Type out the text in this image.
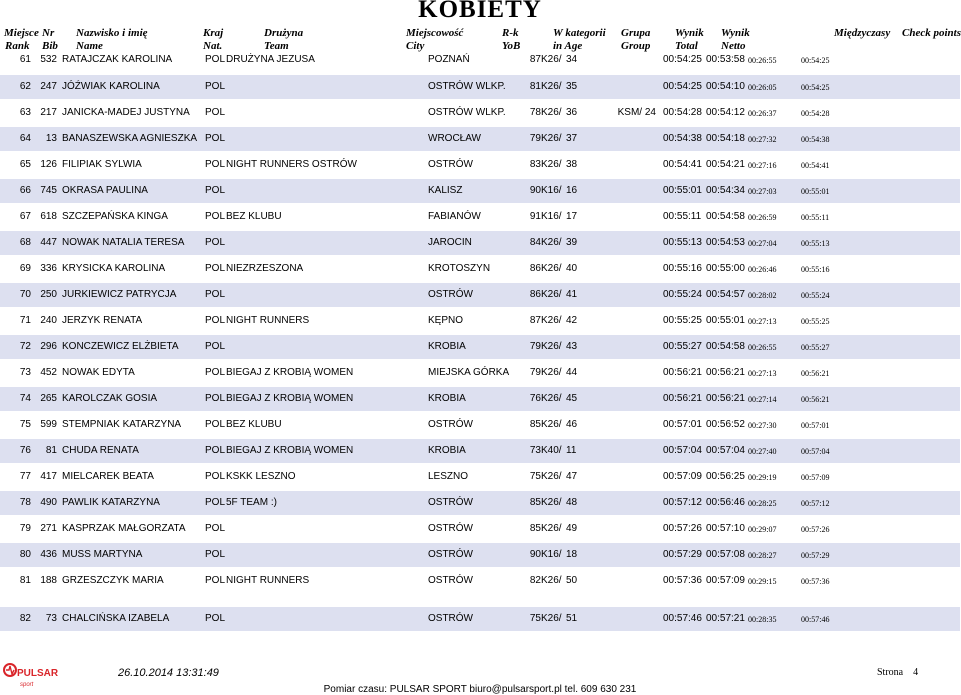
KOBIETY
Miejsce
Rank
Nr
Bib
Nazwisko i imię
Name
Kraj
Nat.
Drużyna
Team
Miejscowość
City
R-k
YoB
W kategorii
in Age
Grupa
Group
Wynik
Total
Wynik
Netto
Międzyczasy Check points
61 532 RATAJCZAK KAROLINA	POL DRUŻYNA JEZUSA	POZNAŃ	87 K26/ 34	00:54:25 00:53:58 00:26:55	00:54:25
62 247 JÓŹWIAK KAROLINA	POL	OSTRÓW WLKP.	81 K26/ 35	00:54:25 00:54:10 00:26:05	00:54:25
63 217 JANICKA-MADEJ JUSTYNA POL	OSTRÓW WLKP.	78 K26/ 36	KSM/ 24 00:54:28 00:54:12 00:26:37	00:54:28
64	13 BANASZEWSKA AGNIESZKA POL	WROCŁAW	79 K26/ 37	00:54:38 00:54:18 00:27:32	00:54:38
65 126 FILIPIAK SYLWIA	POL NIGHT RUNNERS OSTRÓW	OSTRÓW	83 K26/ 38	00:54:41 00:54:21 00:27:16	00:54:41
66 745 OKRASA PAULINA	POL	KALISZ	90 K16/ 16	00:55:01 00:54:34 00:27:03	00:55:01
67 618 SZCZEPAŃSKA KINGA	POL BEZ KLUBU	FABIANÓW	91 K16/ 17	00:55:11 00:54:58 00:26:59	00:55:11
68 447 NOWAK NATALIA TERESA POL	JAROCIN	84 K26/ 39	00:55:13 00:54:53 00:27:04	00:55:13
69 336 KRYSICKA KAROLINA	POL NIEZRZESZONA	KROTOSZYN	86 K26/ 40	00:55:16 00:55:00 00:26:46	00:55:16
70 250 JURKIEWICZ PATRYCJA	POL	OSTRÓW	86 K26/ 41	00:55:24 00:54:57 00:28:02	00:55:24
71 240 JERZYK RENATA	POL NIGHT RUNNERS	KĘPNO	87 K26/ 42	00:55:25 00:55:01 00:27:13	00:55:25
72 296 KONCZEWICZ ELŻBIETA	POL	KROBIA	79 K26/ 43	00:55:27 00:54:58 00:26:55	00:55:27
73 452 NOWAK EDYTA	POL BIEGAJ Z KROBIĄ WOMEN	MIEJSKA GÓRKA	79 K26/ 44	00:56:21 00:56:21 00:27:13	00:56:21
74 265 KAROLCZAK GOSIA	POL BIEGAJ Z KROBIĄ WOMEN	KROBIA	76 K26/ 45	00:56:21 00:56:21 00:27:14	00:56:21
75 599 STEMPNIAK KATARZYNA POL BEZ KLUBU	OSTRÓW	85 K26/ 46	00:57:01 00:56:52 00:27:30	00:57:01
76	81 CHUDA RENATA	POL BIEGAJ Z KROBIĄ WOMEN	KROBIA	73 K40/ 11	00:57:04 00:57:04 00:27:40	00:57:04
77 417 MIELCAREK BEATA	POL KSKK LESZNO	LESZNO	75 K26/ 47	00:57:09 00:56:25 00:29:19	00:57:09
78 490 PAWLIK KATARZYNA	POL 5F TEAM :)	OSTRÓW	85 K26/ 48	00:57:12 00:56:46 00:28:25	00:57:12
79 271 KASPRZAK MAŁGORZATA POL	OSTRÓW	85 K26/ 49	00:57:26 00:57:10 00:29:07	00:57:26
80 436 MUSS MARTYNA	POL	OSTRÓW	90 K16/ 18	00:57:29 00:57:08 00:28:27	00:57:29
81 188 GRZESZCZYK MARIA	POL NIGHT RUNNERS	OSTRÓW	82 K26/ 50	00:57:36 00:57:09 00:29:15	00:57:36
82	73 CHALCIŃSKA IZABELA	POL	OSTRÓW	75 K26/ 51	00:57:46 00:57:21 00:28:35	00:57:46
PULSAR
sport
26.10.2014 13:31:49	Strona 4
Pomiar czasu: PULSAR SPORT biuro@pulsarsport.pl tel. 609 630 231
